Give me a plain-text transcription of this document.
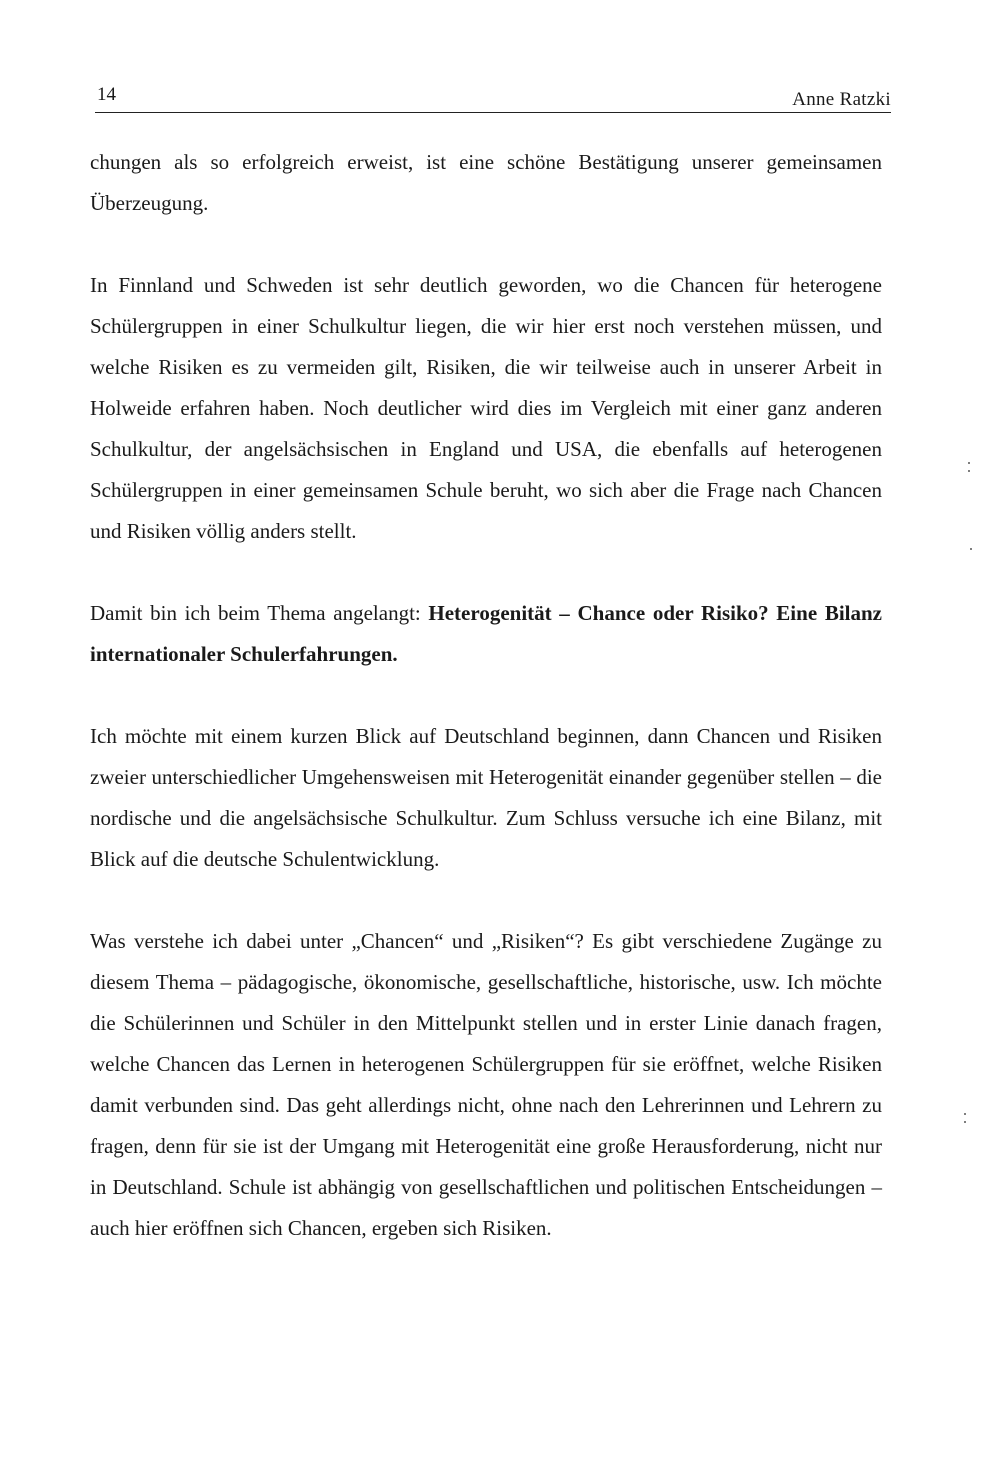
14	Anne Ratzki

chungen als so erfolgreich erweist, ist eine schöne Bestätigung unserer gemeinsamen Überzeugung.

In Finnland und Schweden ist sehr deutlich geworden, wo die Chancen für heterogene Schülergruppen in einer Schulkultur liegen, die wir hier erst noch verstehen müssen, und welche Risiken es zu vermeiden gilt, Risiken, die wir teilweise auch in unserer Arbeit in Holweide erfahren haben. Noch deutlicher wird dies im Vergleich mit einer ganz anderen Schulkultur, der angelsächsischen in England und USA, die ebenfalls auf heterogenen Schülergruppen in einer gemeinsamen Schule beruht, wo sich aber die Frage nach Chancen und Risiken völlig anders stellt.

Damit bin ich beim Thema angelangt: Heterogenität – Chance oder Risiko? Eine Bilanz internationaler Schulerfahrungen.

Ich möchte mit einem kurzen Blick auf Deutschland beginnen, dann Chancen und Risiken zweier unterschiedlicher Umgehensweisen mit Heterogenität einander gegenüber stellen – die nordische und die angelsächsische Schulkultur. Zum Schluss versuche ich eine Bilanz, mit Blick auf die deutsche Schulentwicklung.

Was verstehe ich dabei unter „Chancen“ und „Risiken“? Es gibt verschiedene Zugänge zu diesem Thema – pädagogische, ökonomische, gesellschaftliche, historische, usw. Ich möchte die Schülerinnen und Schüler in den Mittelpunkt stellen und in erster Linie danach fragen, welche Chancen das Lernen in heterogenen Schülergruppen für sie eröffnet, welche Risiken damit verbunden sind. Das geht allerdings nicht, ohne nach den Lehrerinnen und Lehrern zu fragen, denn für sie ist der Umgang mit Heterogenität eine große Herausforderung, nicht nur in Deutschland. Schule ist abhängig von gesellschaftlichen und politischen Entscheidungen – auch hier eröffnen sich Chancen, ergeben sich Risiken.
